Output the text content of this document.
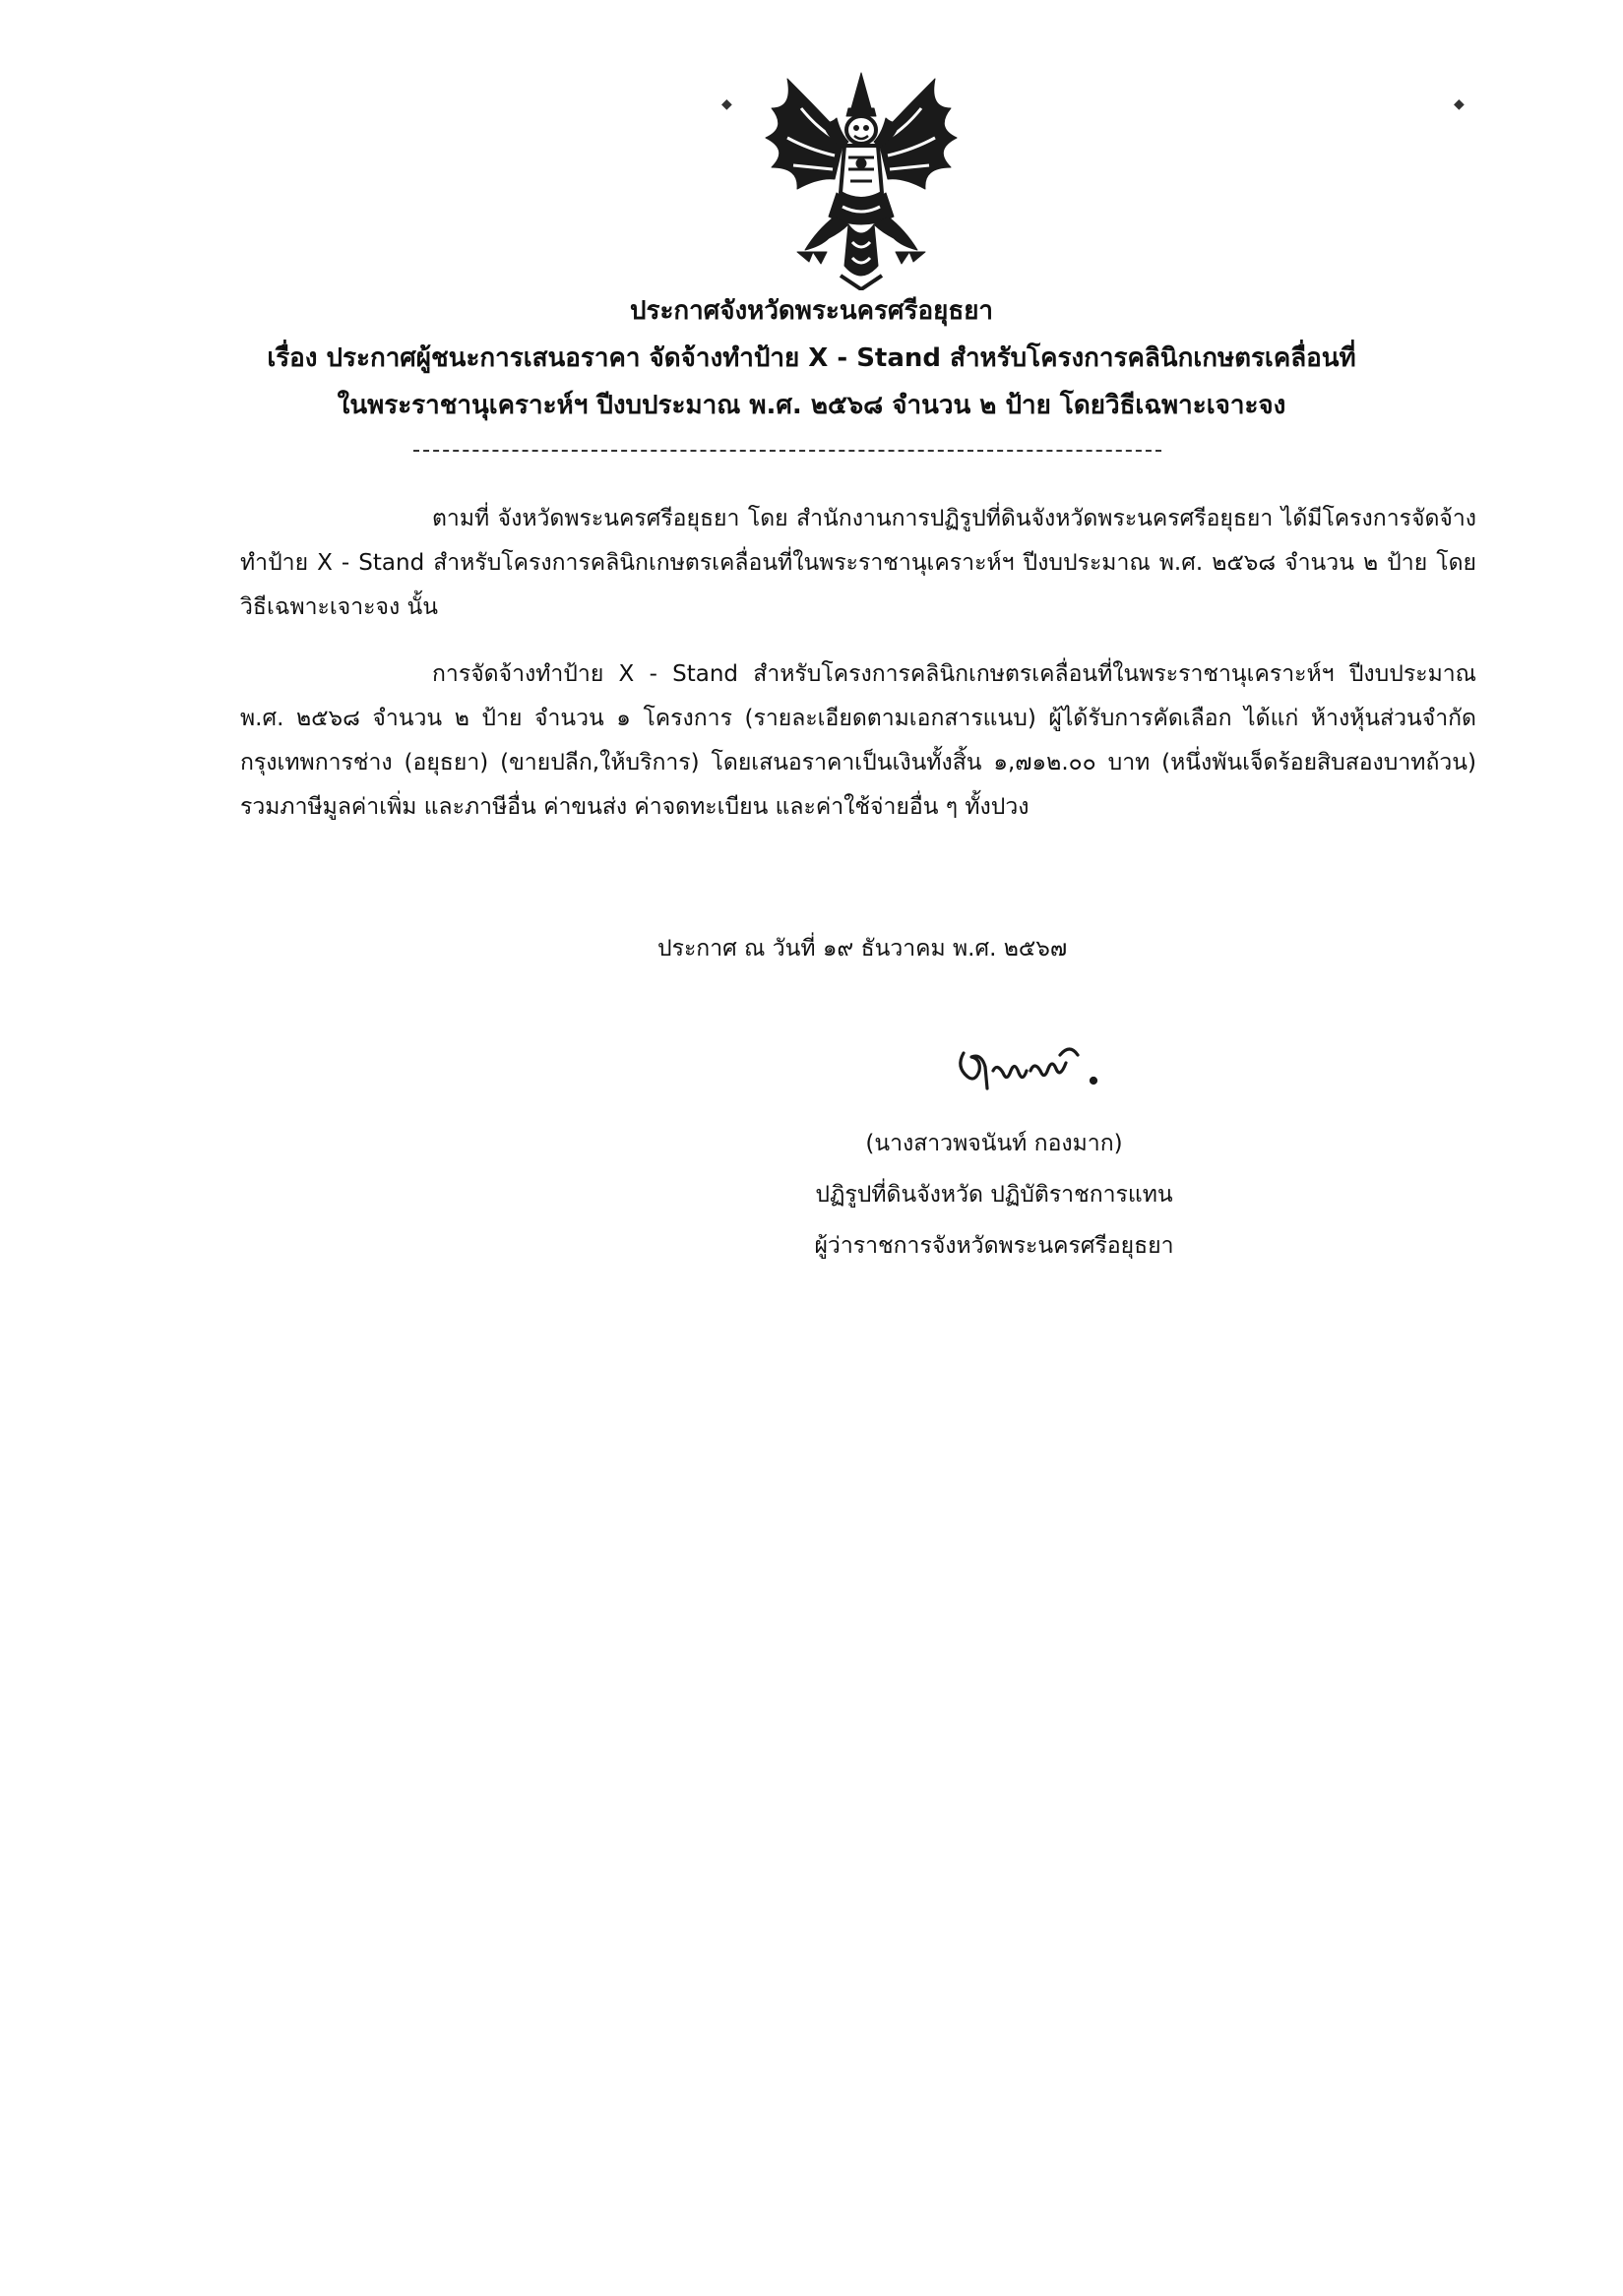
◆	◆
ประกาศจังหวัดพระนครศรีอยุธยา
เรื่อง ประกาศผู้ชนะการเสนอราคา จัดจ้างทำป้าย X - Stand สำหรับโครงการคลินิกเกษตรเคลื่อนที่
ในพระราชานุเคราะห์ฯ ปีงบประมาณ พ.ศ. ๒๕๖๘ จำนวน ๒ ป้าย โดยวิธีเฉพาะเจาะจง
ตามที่ จังหวัดพระนครศรีอยุธยา โดย สำนักงานการปฏิรูปที่ดินจังหวัดพระนครศรีอยุธยา ได้มีโครงการจัดจ้างทำป้าย X - Stand สำหรับโครงการคลินิกเกษตรเคลื่อนที่ในพระราชานุเคราะห์ฯ ปีงบประมาณ พ.ศ. ๒๕๖๘ จำนวน ๒ ป้าย โดยวิธีเฉพาะเจาะจง นั้น
การจัดจ้างทำป้าย X - Stand สำหรับโครงการคลินิกเกษตรเคลื่อนที่ในพระราชานุเคราะห์ฯ ปีงบประมาณ พ.ศ. ๒๕๖๘ จำนวน ๒ ป้าย จำนวน ๑ โครงการ (รายละเอียดตามเอกสารแนบ) ผู้ได้รับการคัดเลือก ได้แก่ ห้างหุ้นส่วนจำกัด กรุงเทพการช่าง (อยุธยา) (ขายปลีก,ให้บริการ) โดยเสนอราคาเป็นเงินทั้งสิ้น ๑,๗๑๒.๐๐ บาท (หนึ่งพันเจ็ดร้อยสิบสองบาทถ้วน) รวมภาษีมูลค่าเพิ่ม และภาษีอื่น ค่าขนส่ง ค่าจดทะเบียน และค่าใช้จ่ายอื่น ๆ ทั้งปวง
ประกาศ ณ วันที่ ๑๙ ธันวาคม พ.ศ. ๒๕๖๗
(นางสาวพจนันท์ กองมาก)
ปฏิรูปที่ดินจังหวัด ปฏิบัติราชการแทน
ผู้ว่าราชการจังหวัดพระนครศรีอยุธยา
